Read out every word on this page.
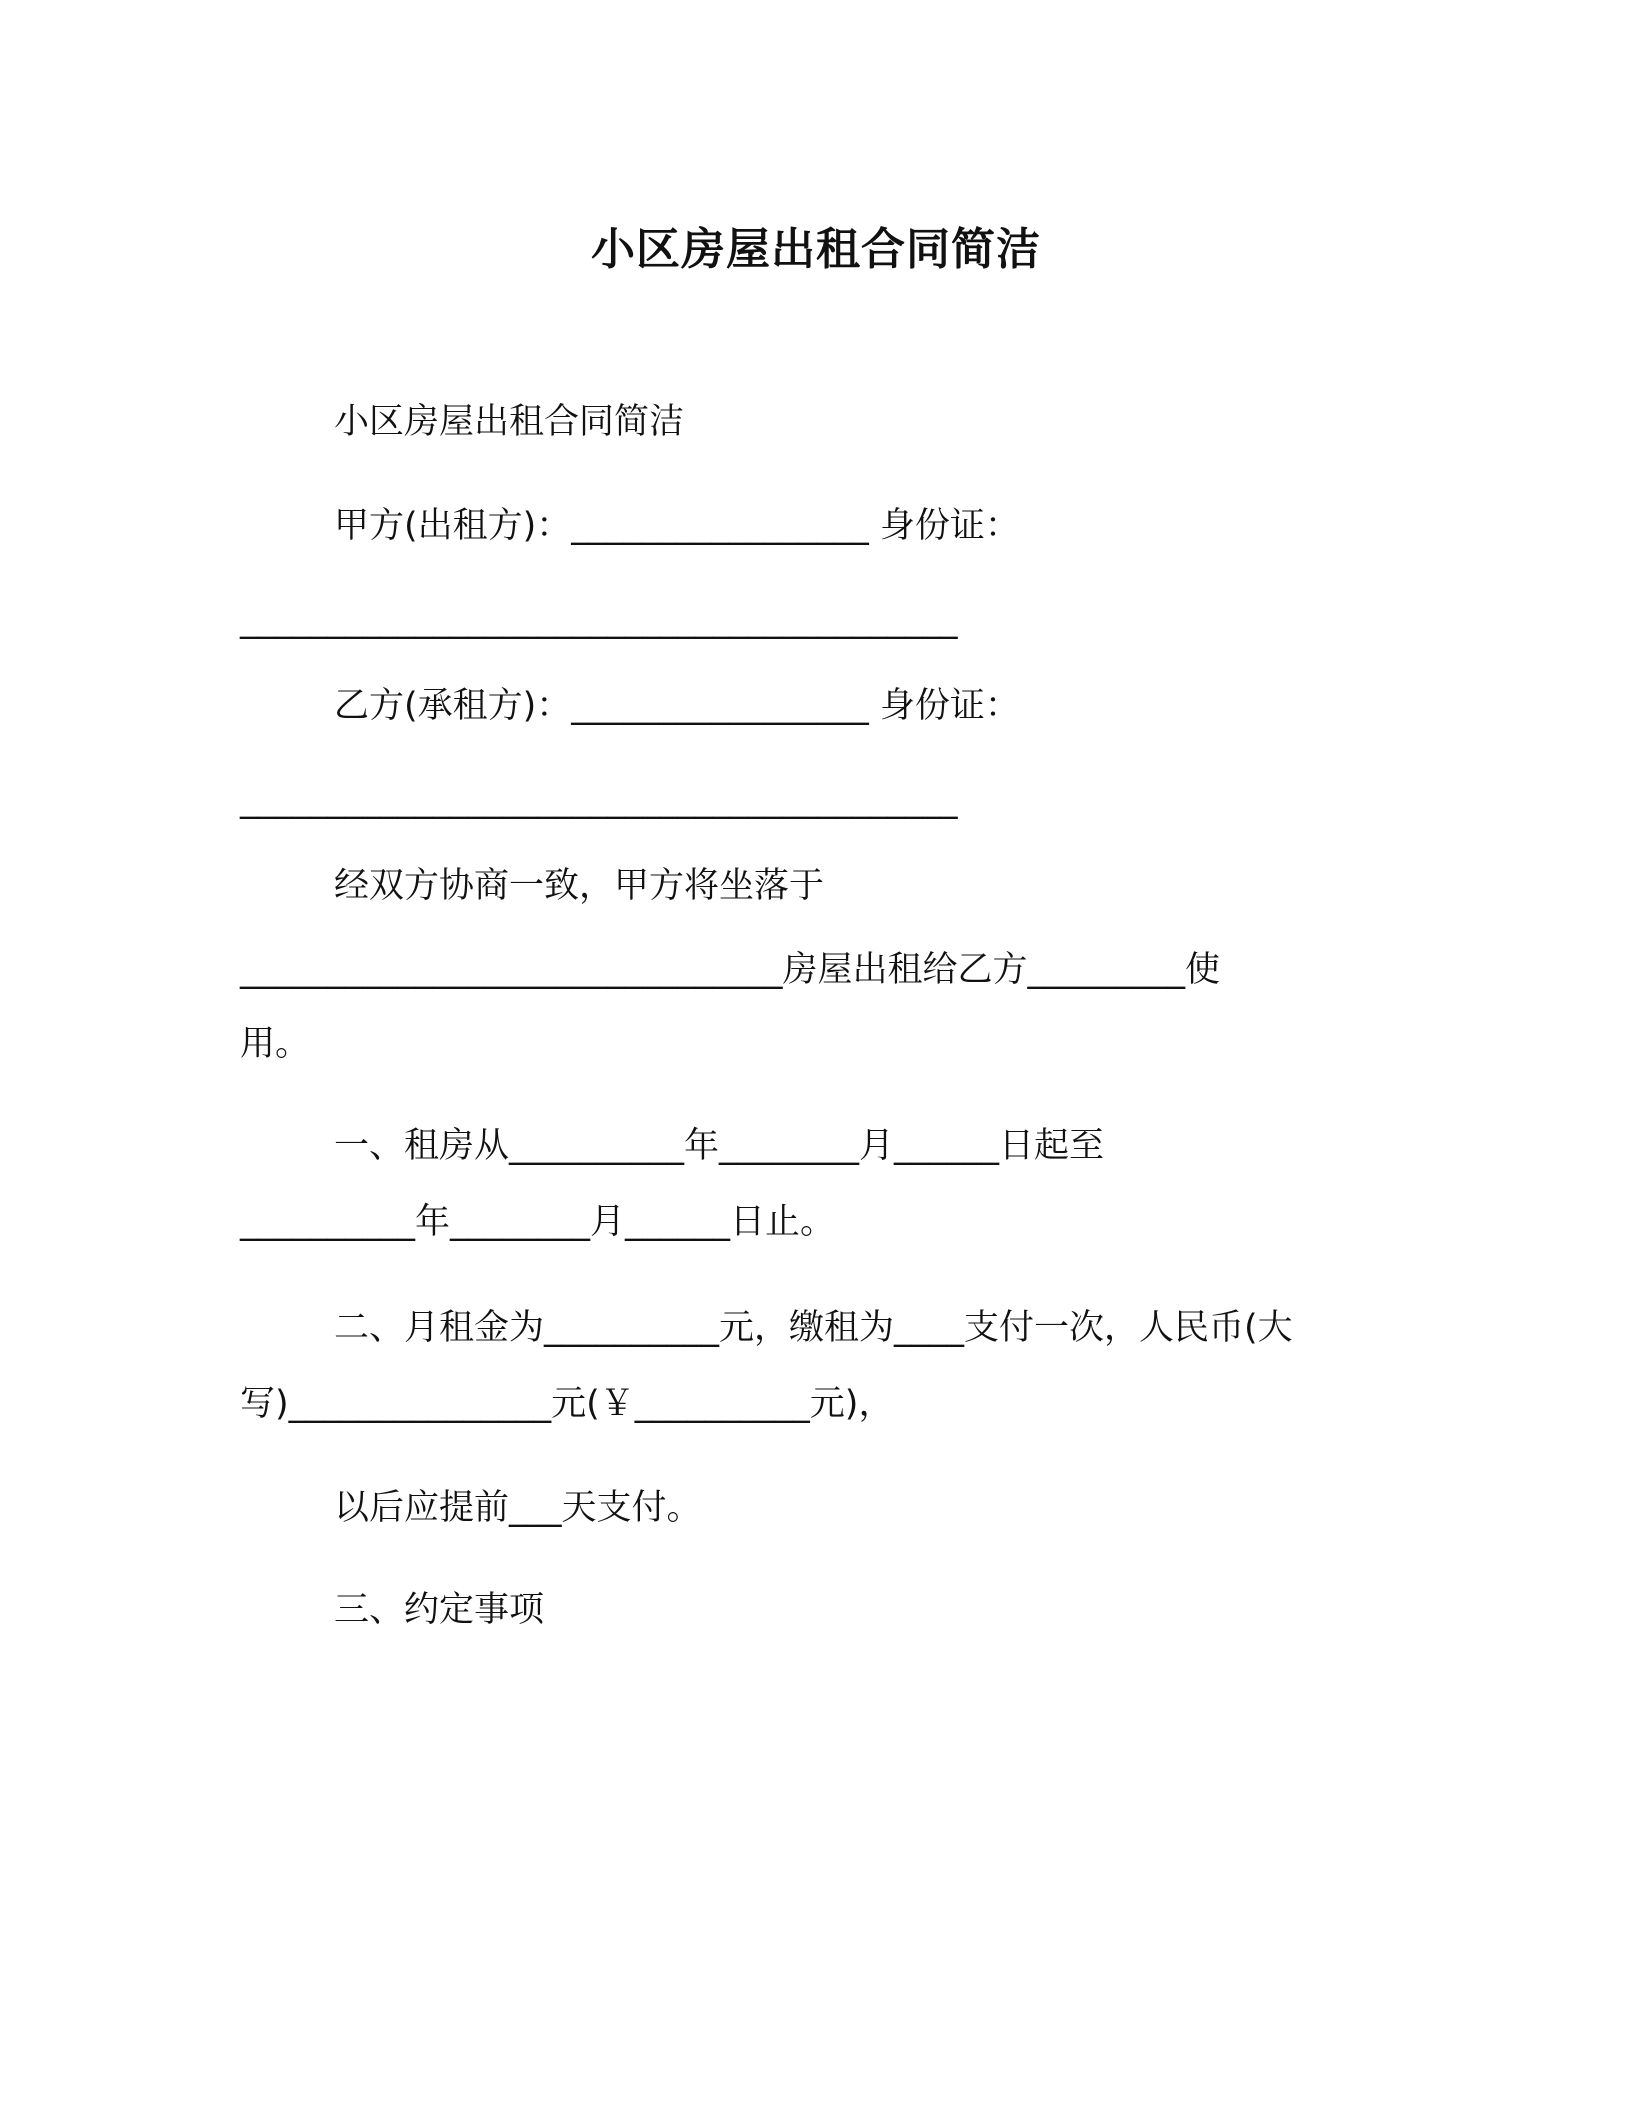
小区房屋出租合同简洁
小区房屋出租合同简洁
甲方(出租方)：_________________ 身份证：
_________________________________________
乙方(承租方)：_________________ 身份证：
_________________________________________
经双方协商一致，甲方将坐落于
_______________________________房屋出租给乙方_________使
用。
一、租房从__________年________月______日起至
__________年________月______日止。
二、月租金为__________元，缴租为____支付一次，人民币(大
写)_______________元(￥__________元)，
以后应提前___天支付。
三、约定事项
